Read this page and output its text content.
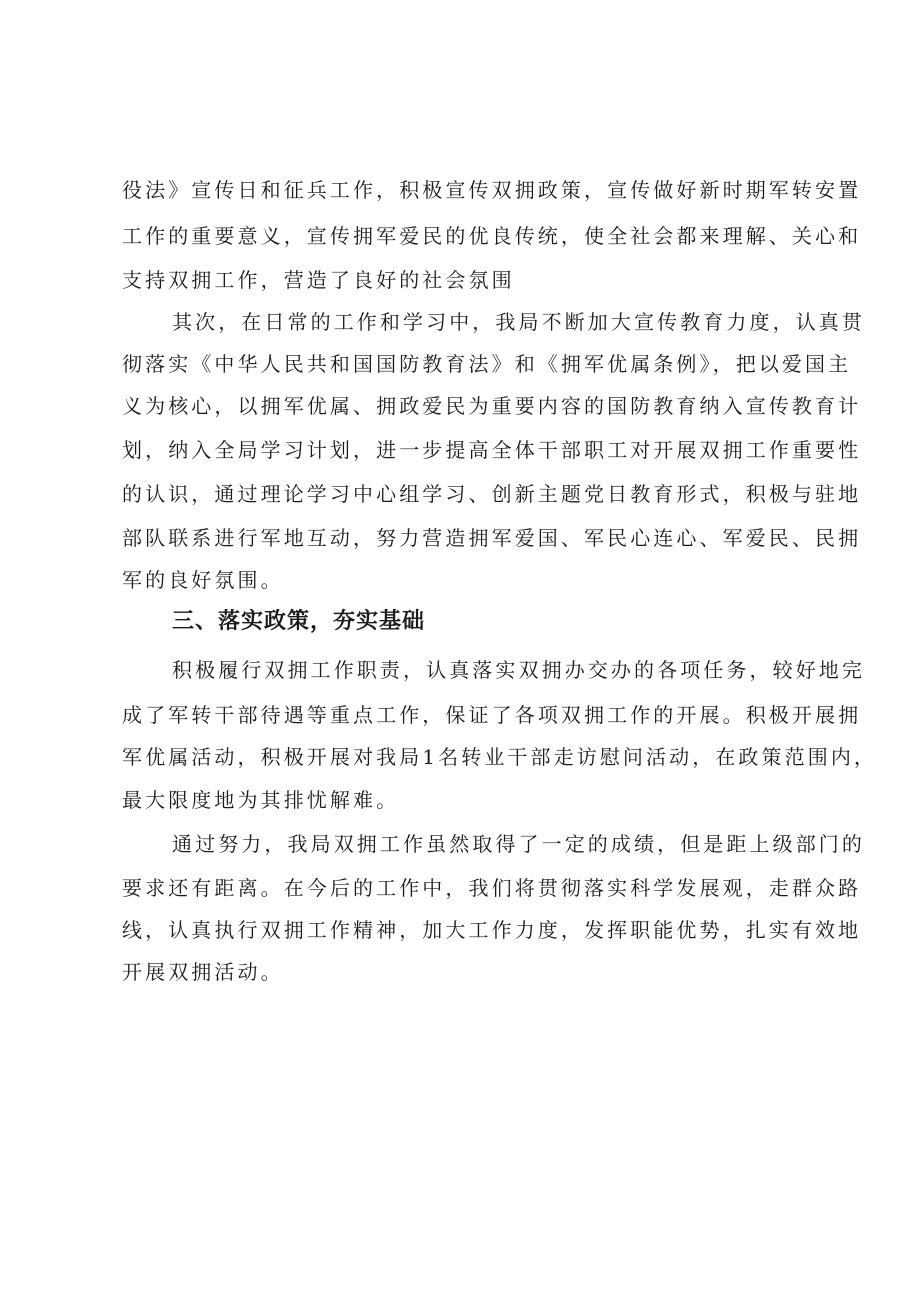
役法》宣传日和征兵工作，积极宣传双拥政策，宣传做好新时期军转安置
工作的重要意义，宣传拥军爱民的优良传统，使全社会都来理解、关心和
支持双拥工作，营造了良好的社会氛围
其次，在日常的工作和学习中，我局不断加大宣传教育力度，认真贯
彻落实《中华人民共和国国防教育法》和《拥军优属条例》，把以爱国主
义为核心，以拥军优属、拥政爱民为重要内容的国防教育纳入宣传教育计
划，纳入全局学习计划，进一步提高全体干部职工对开展双拥工作重要性
的认识，通过理论学习中心组学习、创新主题党日教育形式，积极与驻地
部队联系进行军地互动，努力营造拥军爱国、军民心连心、军爱民、民拥
军的良好氛围。
三、落实政策，夯实基础
积极履行双拥工作职责，认真落实双拥办交办的各项任务，较好地完
成了军转干部待遇等重点工作，保证了各项双拥工作的开展。积极开展拥
军优属活动，积极开展对我局1名转业干部走访慰问活动，在政策范围内，
最大限度地为其排忧解难。
通过努力，我局双拥工作虽然取得了一定的成绩，但是距上级部门的
要求还有距离。在今后的工作中，我们将贯彻落实科学发展观，走群众路
线，认真执行双拥工作精神，加大工作力度，发挥职能优势，扎实有效地
开展双拥活动。
